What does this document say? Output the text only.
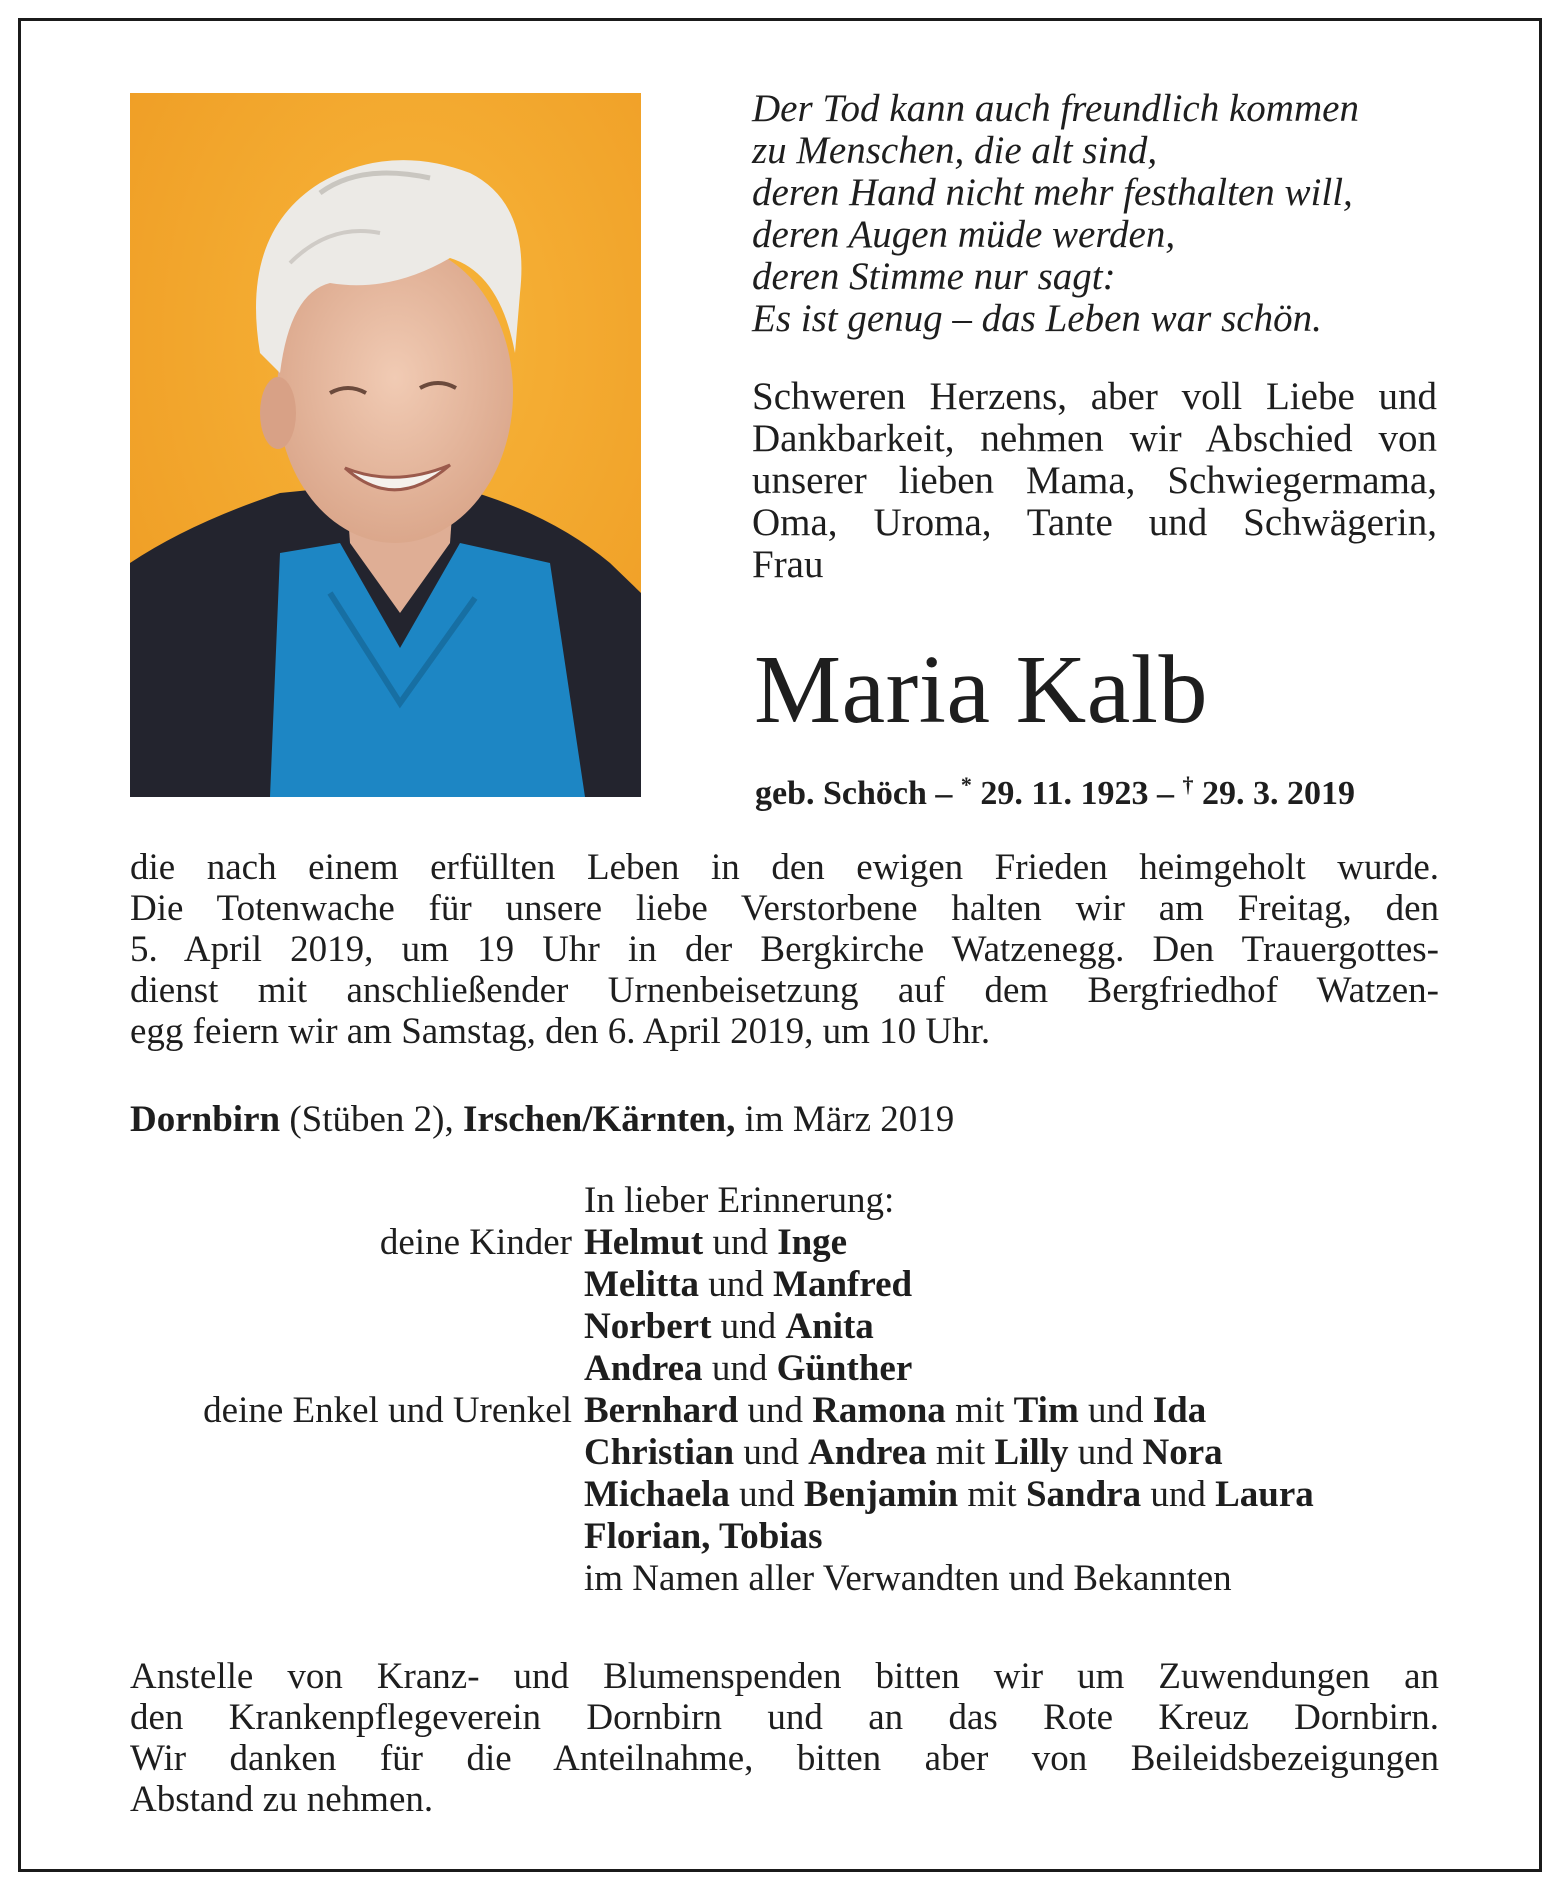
Der Tod kann auch freundlich kommen
zu Menschen, die alt sind,
deren Hand nicht mehr festhalten will,
deren Augen müde werden,
deren Stimme nur sagt:
Es ist genug – das Leben war schön.
Schweren Herzens, aber voll Liebe und
Dankbarkeit, nehmen wir Abschied von
unserer lieben Mama, Schwiegermama,
Oma, Uroma, Tante und Schwägerin,
Frau
Maria Kalb
geb. Schöch – * 29. 11. 1923 – † 29. 3. 2019
die nach einem erfüllten Leben in den ewigen Frieden heimgeholt wurde.
Die Totenwache für unsere liebe Verstorbene halten wir am Freitag, den
5. April 2019, um 19 Uhr in der Bergkirche Watzenegg. Den Trauergottes-
dienst mit anschließender Urnenbeisetzung auf dem Bergfriedhof Watzen-
egg feiern wir am Samstag, den 6. April 2019, um 10 Uhr.
Dornbirn (Stüben 2), Irschen/Kärnten, im März 2019
In lieber Erinnerung:
deine Kinder Helmut und Inge
Melitta und Manfred
Norbert und Anita
Andrea und Günther
deine Enkel und Urenkel Bernhard und Ramona mit Tim und Ida
Christian und Andrea mit Lilly und Nora
Michaela und Benjamin mit Sandra und Laura
Florian, Tobias
im Namen aller Verwandten und Bekannten
Anstelle von Kranz- und Blumenspenden bitten wir um Zuwendungen an
den Krankenpflegeverein Dornbirn und an das Rote Kreuz Dornbirn.
Wir danken für die Anteilnahme, bitten aber von Beileidsbezeigungen
Abstand zu nehmen.
